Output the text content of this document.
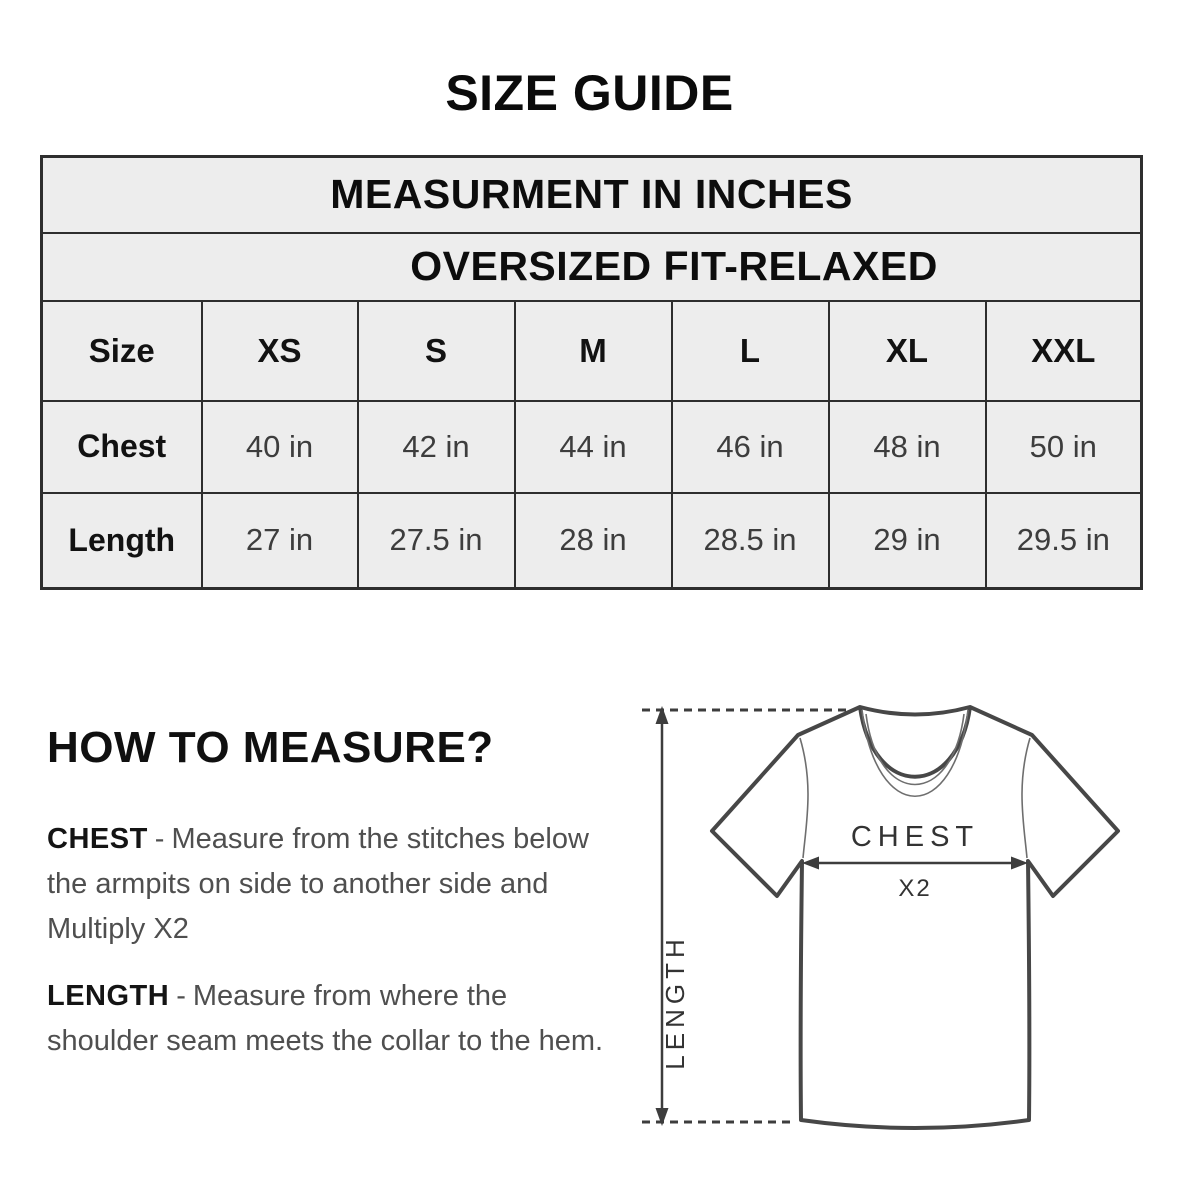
SIZE GUIDE
MEASURMENT IN INCHES						
OVERSIZED FIT-RELAXED						
Size	XS	S	M	L	XL	XXL
Chest	40 in	42 in	44 in	46 in	48 in	50 in
Length	27 in	27.5 in	28 in	28.5 in	29 in	29.5 in
HOW TO MEASURE?

CHEST - Measure from the stitches below the armpits on side to another side and Multiply X2

LENGTH - Measure from where the shoulder seam meets the collar to the hem.	LENGTH
CHEST
X2
